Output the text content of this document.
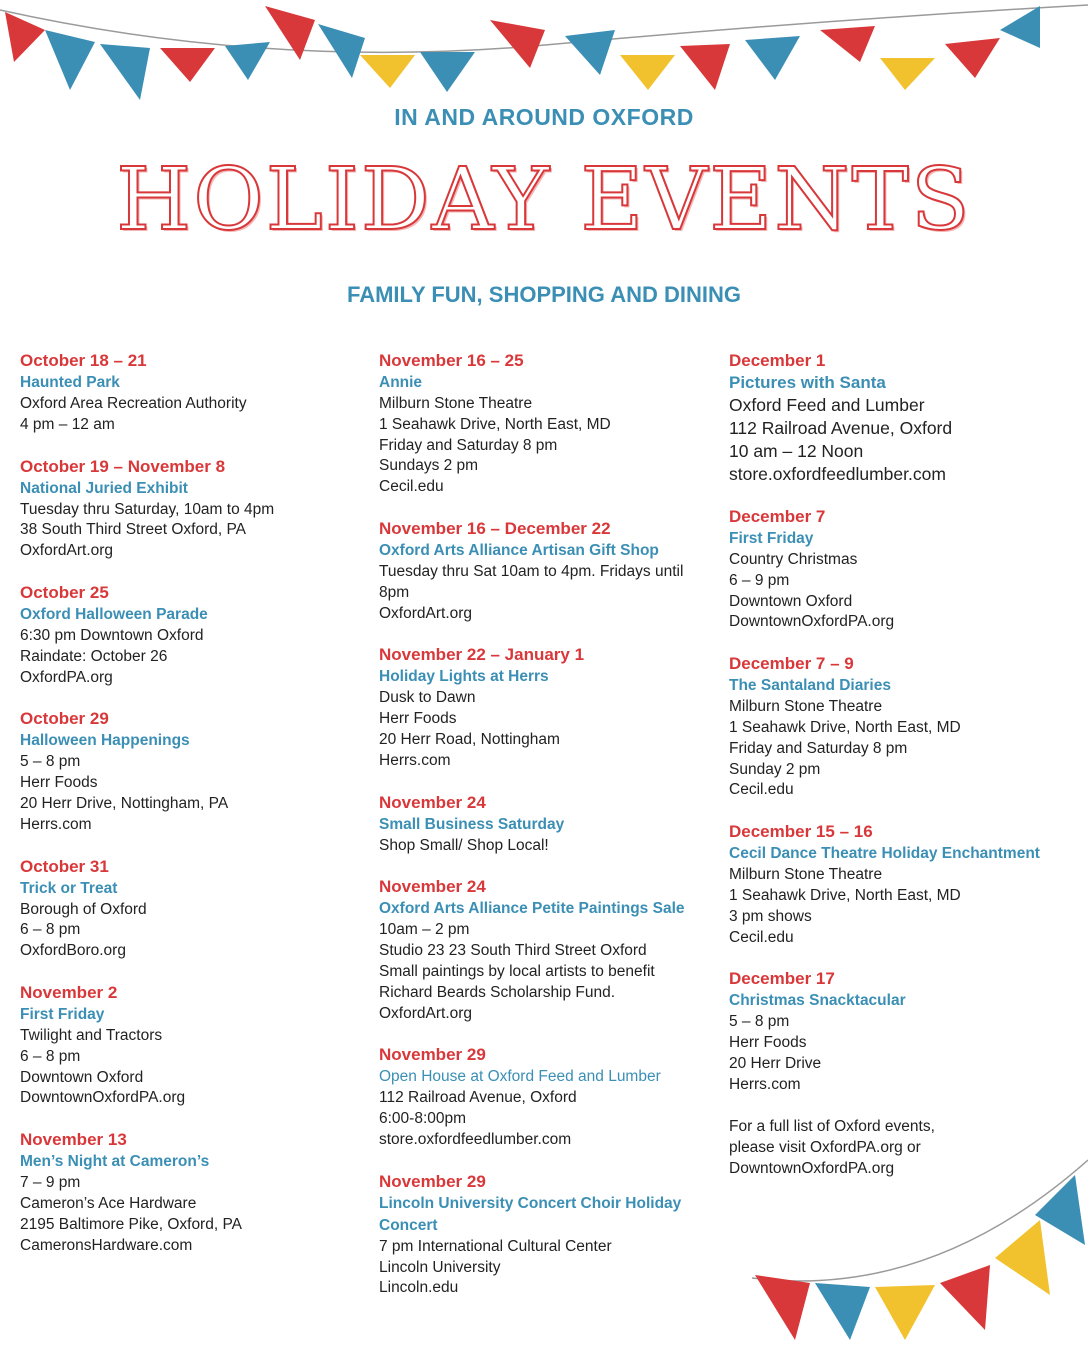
IN AND AROUND OXFORD
HOLIDAY EVENTS
FAMILY FUN, SHOPPING AND DINING
October 18 – 21
Haunted Park
Oxford Area Recreation Authority
4 pm – 12 am
October 19 – November 8
National Juried Exhibit
Tuesday thru Saturday, 10am to 4pm
38 South Third Street Oxford, PA
OxfordArt.org
October 25
Oxford Halloween Parade
6:30 pm Downtown Oxford
Raindate: October 26
OxfordPA.org
October 29
Halloween Happenings
5 – 8 pm
Herr Foods
20 Herr Drive, Nottingham, PA
Herrs.com
October 31
Trick or Treat
Borough of Oxford
6 – 8 pm
OxfordBoro.org
November 2
First Friday
Twilight and Tractors
6 – 8 pm
Downtown Oxford
DowntownOxfordPA.org
November 13
Men’s Night at Cameron’s
7 – 9 pm
Cameron’s Ace Hardware
2195 Baltimore Pike, Oxford, PA
CameronsHardware.com
November 16 – 25
Annie
Milburn Stone Theatre
1 Seahawk Drive, North East, MD
Friday and Saturday 8 pm
Sundays 2 pm
Cecil.edu
November 16 – December 22
Oxford Arts Alliance Artisan Gift Shop
Tuesday thru Sat 10am to 4pm. Fridays until
8pm
OxfordArt.org
November 22 – January 1
Holiday Lights at Herrs
Dusk to Dawn
Herr Foods
20 Herr Road, Nottingham
Herrs.com
November 24
Small Business Saturday
Shop Small/ Shop Local!
November 24
Oxford Arts Alliance Petite Paintings Sale
10am – 2 pm
Studio 23 23 South Third Street Oxford
Small paintings by local artists to benefit
Richard Beards Scholarship Fund.
OxfordArt.org
November 29
Open House at Oxford Feed and Lumber
112 Railroad Avenue, Oxford
6:00-8:00pm
store.oxfordfeedlumber.com
November 29
Lincoln University Concert Choir Holiday Concert
7 pm International Cultural Center
Lincoln University
Lincoln.edu
December 1
Pictures with Santa
Oxford Feed and Lumber
112 Railroad Avenue, Oxford
10 am – 12 Noon
store.oxfordfeedlumber.com
December 7
First Friday
Country Christmas
6 – 9 pm
Downtown Oxford
DowntownOxfordPA.org
December 7 – 9
The Santaland Diaries
Milburn Stone Theatre
1 Seahawk Drive, North East, MD
Friday and Saturday 8 pm
Sunday 2 pm
Cecil.edu
December 15 – 16
Cecil Dance Theatre Holiday Enchantment
Milburn Stone Theatre
1 Seahawk Drive, North East, MD
3 pm shows
Cecil.edu
December 17
Christmas Snacktacular
5 – 8 pm
Herr Foods
20 Herr Drive
Herrs.com
For a full list of Oxford events,
please visit OxfordPA.org or DowntownOxfordPA.org
